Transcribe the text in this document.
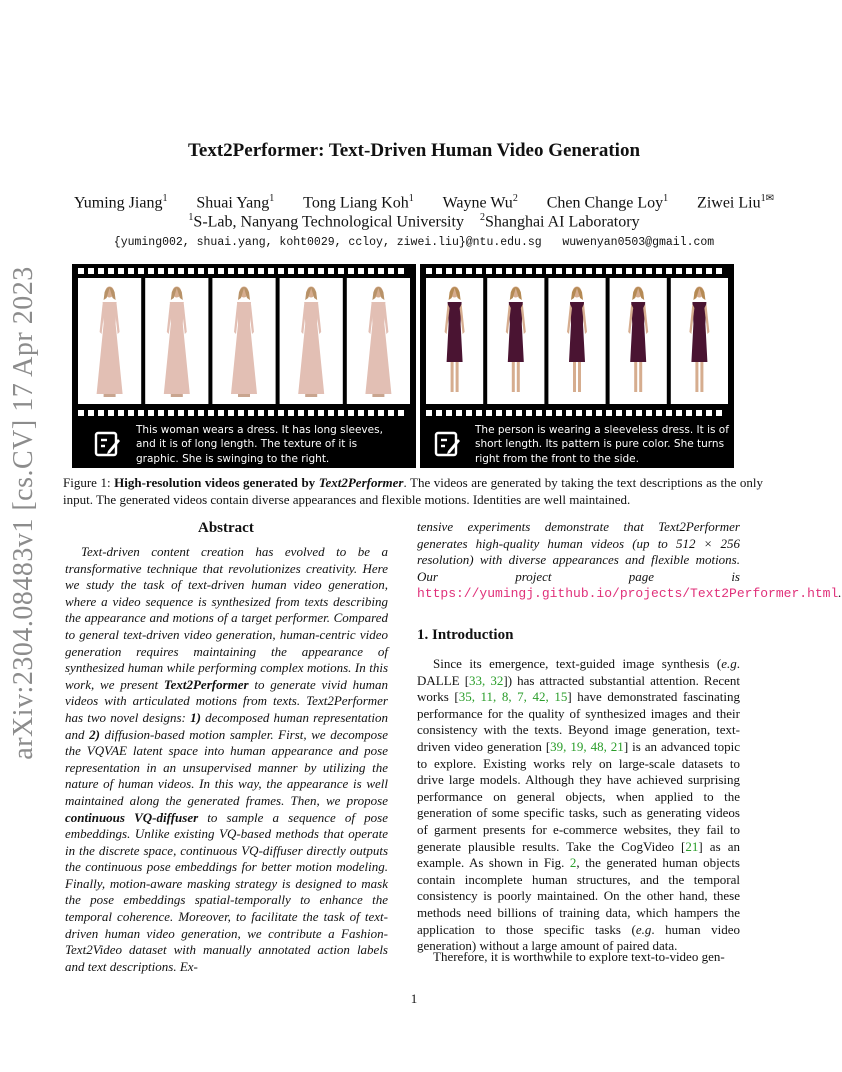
arXiv:2304.08483v1 [cs.CV] 17 Apr 2023
Text2Performer: Text-Driven Human Video Generation
Yuming Jiang$^1$ Shuai Yang$^1$ Tong Liang Koh$^1$ Wayne Wu$^2$ Chen Change Loy$^1$ Ziwei Liu$^{1✉}$
$^1$S-Lab, Nanyang Technological University $^2$Shanghai AI Laboratory
{yuming002, shuai.yang, koht0029, ccloy, ziwei.liu}@ntu.edu.sg   wuwenyan0503@gmail.com
This woman wears a dress. It has long sleeves, and it is of long length. The texture of it is graphic. She is swinging to the right.
The person is wearing a sleeveless dress. It is of short length. Its pattern is pure color. She turns right from the front to the side.
Figure 1: High-resolution videos generated by Text2Performer. The videos are generated by taking the text descriptions as the only input. The generated videos contain diverse appearances and flexible motions. Identities are well maintained.
Abstract
Text-driven content creation has evolved to be a transformative technique that revolutionizes creativity. Here we study the task of text-driven human video generation, where a video sequence is synthesized from texts describing the appearance and motions of a target performer. Compared to general text-driven video generation, human-centric video generation requires maintaining the appearance of synthesized human while performing complex motions. In this work, we present Text2Performer to generate vivid human videos with articulated motions from texts. Text2Performer has two novel designs: 1) decomposed human representation and 2) diffusion-based motion sampler. First, we decompose the VQVAE latent space into human appearance and pose representation in an unsupervised manner by utilizing the nature of human videos. In this way, the appearance is well maintained along the generated frames. Then, we propose continuous VQ-diffuser to sample a sequence of pose embeddings. Unlike existing VQ-based methods that operate in the discrete space, continuous VQ-diffuser directly outputs the continuous pose embeddings for better motion modeling. Finally, motion-aware masking strategy is designed to mask the pose embeddings spatial-temporally to enhance the temporal coherence. Moreover, to facilitate the task of text-driven human video generation, we contribute a Fashion-Text2Video dataset with manually annotated action labels and text descriptions. Ex-
tensive experiments demonstrate that Text2Performer generates high-quality human videos (up to 512 × 256 resolution) with diverse appearances and flexible motions. Our project page is https://yumingj.github.io/projects/Text2Performer.html.
1. Introduction
Since its emergence, text-guided image synthesis (e.g. DALLE [33, 32]) has attracted substantial attention. Recent works [35, 11, 8, 7, 42, 15] have demonstrated fascinating performance for the quality of synthesized images and their consistency with the texts. Beyond image generation, text-driven video generation [39, 19, 48, 21] is an advanced topic to explore. Existing works rely on large-scale datasets to drive large models. Although they have achieved surprising performance on general objects, when applied to the generation of some specific tasks, such as generating videos of garment presents for e-commerce websites, they fail to generate plausible results. Take the CogVideo [21] as an example. As shown in Fig. 2, the generated human objects contain incomplete human structures, and the temporal consistency is poorly maintained. On the other hand, these methods need billions of training data, which hampers the application to those specific tasks (e.g. human video generation) without a large amount of paired data.
Therefore, it is worthwhile to explore text-to-video gen-
1
